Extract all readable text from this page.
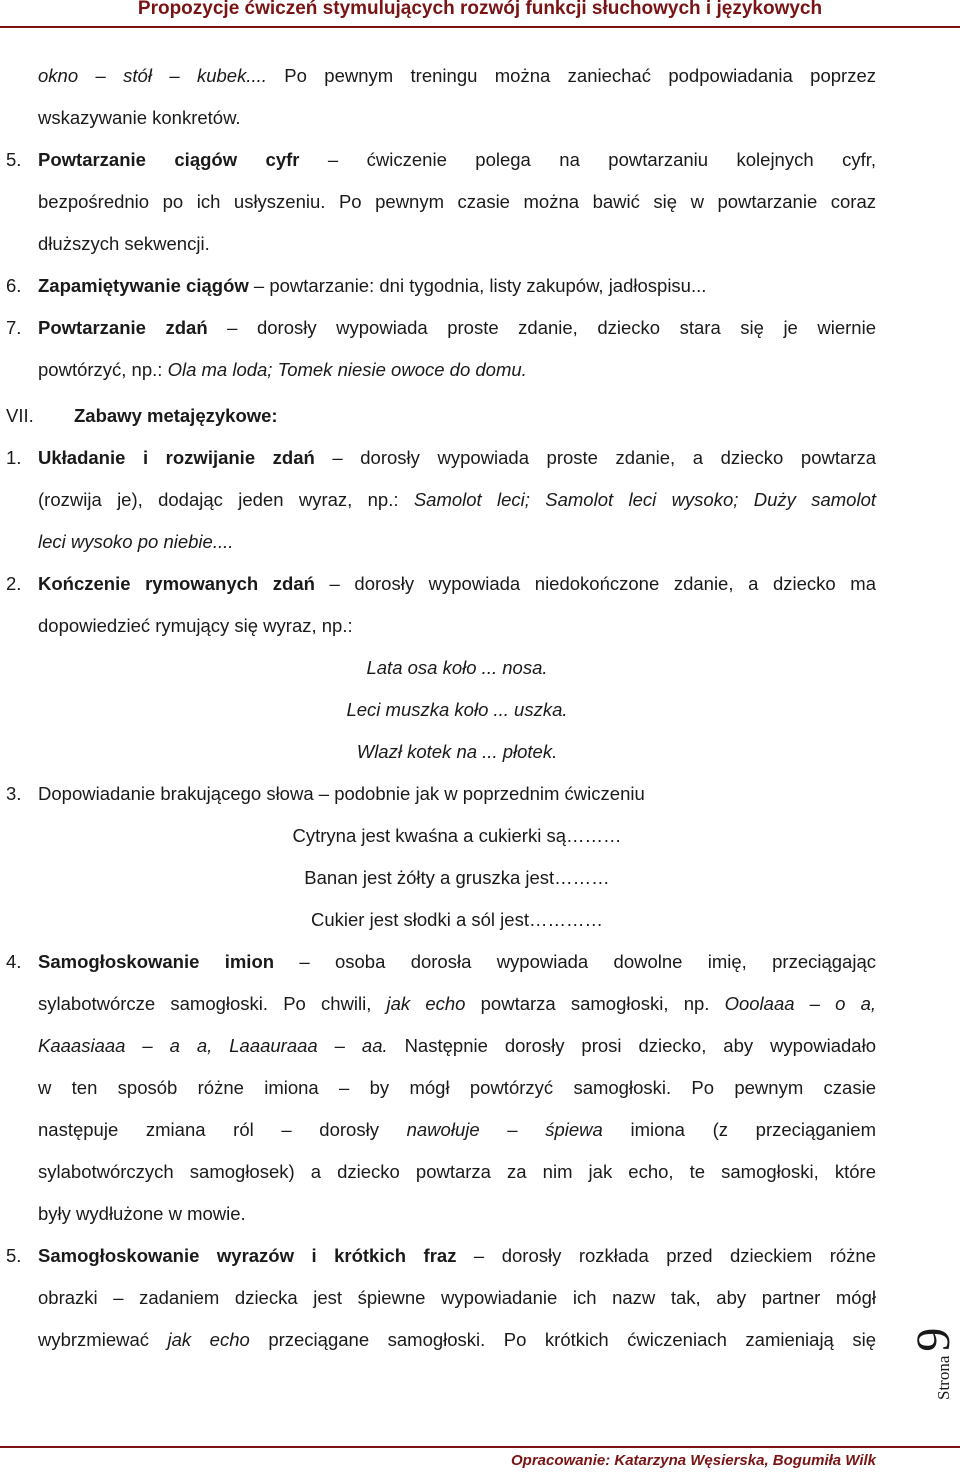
Propozycje ćwiczeń stymulujących rozwój funkcji słuchowych i językowych
okno – stół – kubek.... Po pewnym treningu można zaniechać podpowiadania poprzez
wskazywanie konkretów.
5. Powtarzanie ciągów cyfr – ćwiczenie polega na powtarzaniu kolejnych cyfr,
bezpośrednio po ich usłyszeniu. Po pewnym czasie można bawić się w powtarzanie coraz
dłuższych sekwencji.
6. Zapamiętywanie ciągów – powtarzanie: dni tygodnia, listy zakupów, jadłospisu...
7. Powtarzanie zdań – dorosły wypowiada proste zdanie, dziecko stara się je wiernie
powtórzyć, np.: Ola ma loda; Tomek niesie owoce do domu.
VII. Zabawy metajęzykowe:
1. Układanie i rozwijanie zdań – dorosły wypowiada proste zdanie, a dziecko powtarza
(rozwija je), dodając jeden wyraz, np.: Samolot leci; Samolot leci wysoko; Duży samolot
leci wysoko po niebie....
2. Kończenie rymowanych zdań – dorosły wypowiada niedokończone zdanie, a dziecko ma
dopowiedzieć rymujący się wyraz, np.:
Lata osa koło ... nosa.
Leci muszka koło ... uszka.
Wlazł kotek na ... płotek.
3. Dopowiadanie brakującego słowa – podobnie jak w poprzednim ćwiczeniu
Cytryna jest kwaśna a cukierki są………
Banan jest żółty a gruszka jest………
Cukier jest słodki a sól jest…………
4. Samogłoskowanie imion – osoba dorosła wypowiada dowolne imię, przeciągając
sylabotwórcze samogłoski. Po chwili, jak echo powtarza samogłoski, np. Ooolaaa – o a,
Kaaasiaaa – a a, Laaauraaa – aa. Następnie dorosły prosi dziecko, aby wypowiadało
w ten sposób różne imiona – by mógł powtórzyć samogłoski. Po pewnym czasie
następuje zmiana ról – dorosły nawołuje – śpiewa imiona (z przeciąganiem
sylabotwórczych samogłosek) a dziecko powtarza za nim jak echo, te samogłoski, które
były wydłużone w mowie.
5. Samogłoskowanie wyrazów i krótkich fraz – dorosły rozkłada przed dzieckiem różne
obrazki – zadaniem dziecka jest śpiewne wypowiadanie ich nazw tak, aby partner mógł
wybrzmiewać jak echo przeciągane samogłoski. Po krótkich ćwiczeniach zamieniają się
Strona 9
Opracowanie: Katarzyna Węsierska, Bogumiła Wilk
